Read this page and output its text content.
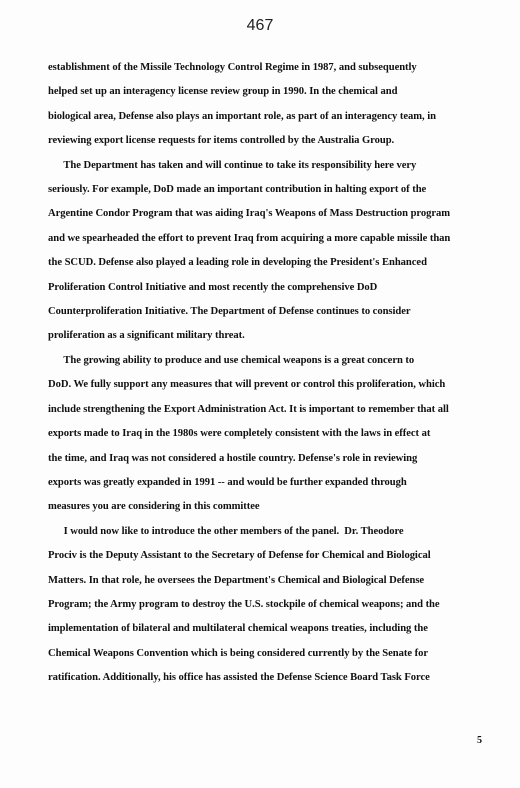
467
establishment of the Missile Technology Control Regime in 1987, and subsequently
helped set up an interagency license review group in 1990. In the chemical and
biological area, Defense also plays an important role, as part of an interagency team, in
reviewing export license requests for items controlled by the Australia Group.
The Department has taken and will continue to take its responsibility here very
seriously. For example, DoD made an important contribution in halting export of the
Argentine Condor Program that was aiding Iraq's Weapons of Mass Destruction program
and we spearheaded the effort to prevent Iraq from acquiring a more capable missile than
the SCUD. Defense also played a leading role in developing the President's Enhanced
Proliferation Control Initiative and most recently the comprehensive DoD
Counterproliferation Initiative. The Department of Defense continues to consider
proliferation as a significant military threat.
The growing ability to produce and use chemical weapons is a great concern to
DoD. We fully support any measures that will prevent or control this proliferation, which
include strengthening the Export Administration Act. It is important to remember that all
exports made to Iraq in the 1980s were completely consistent with the laws in effect at
the time, and Iraq was not considered a hostile country. Defense's role in reviewing
exports was greatly expanded in 1991 -- and would be further expanded through
measures you are considering in this committee
I would now like to introduce the other members of the panel.  Dr. Theodore
Prociv is the Deputy Assistant to the Secretary of Defense for Chemical and Biological
Matters. In that role, he oversees the Department's Chemical and Biological Defense
Program; the Army program to destroy the U.S. stockpile of chemical weapons; and the
implementation of bilateral and multilateral chemical weapons treaties, including the
Chemical Weapons Convention which is being considered currently by the Senate for
ratification. Additionally, his office has assisted the Defense Science Board Task Force
5
